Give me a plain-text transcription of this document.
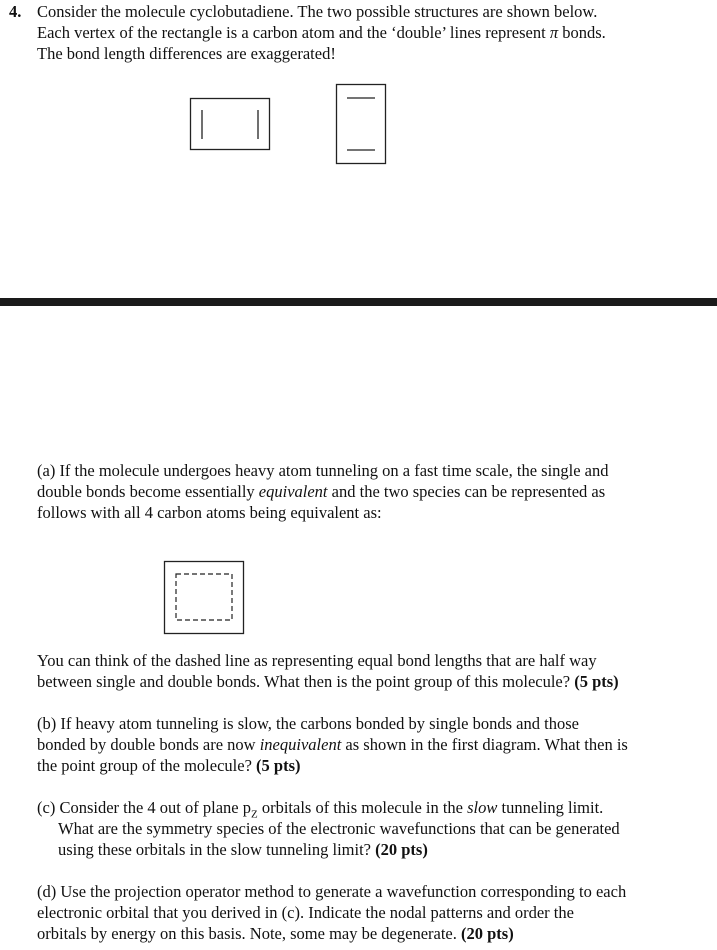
4. Consider the molecule cyclobutadiene. The two possible structures are shown below.
Each vertex of the rectangle is a carbon atom and the ‘double’ lines represent π bonds.
The bond length differences are exaggerated!
(a) If the molecule undergoes heavy atom tunneling on a fast time scale, the single and
double bonds become essentially equivalent and the two species can be represented as
follows with all 4 carbon atoms being equivalent as:
You can think of the dashed line as representing equal bond lengths that are half way
between single and double bonds. What then is the point group of this molecule? (5 pts)
(b) If heavy atom tunneling is slow, the carbons bonded by single bonds and those
bonded by double bonds are now inequivalent as shown in the first diagram. What then is
the point group of the molecule? (5 pts)
(c) Consider the 4 out of plane $p_Z$ orbitals of this molecule in the slow tunneling limit.
What are the symmetry species of the electronic wavefunctions that can be generated
using these orbitals in the slow tunneling limit? (20 pts)
(d) Use the projection operator method to generate a wavefunction corresponding to each
electronic orbital that you derived in (c). Indicate the nodal patterns and order the
orbitals by energy on this basis. Note, some may be degenerate. (20 pts)
